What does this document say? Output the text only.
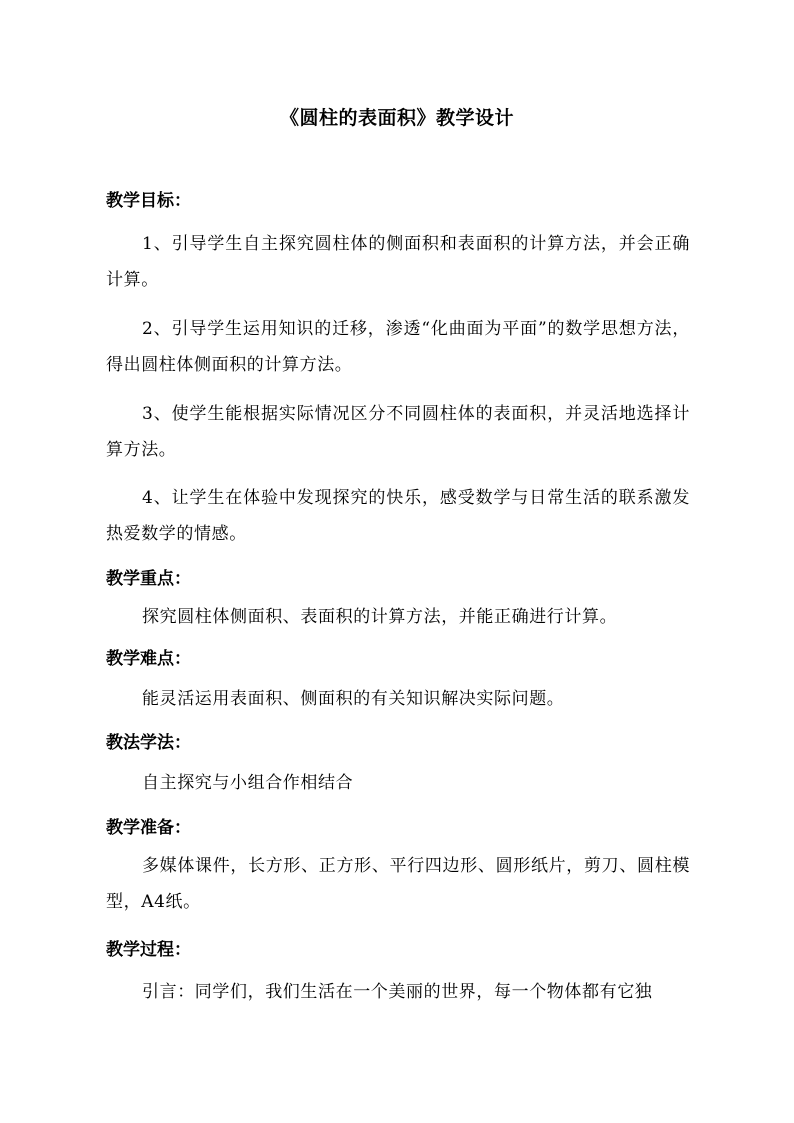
《圆柱的表面积》教学设计
教学目标：

1、引导学生自主探究圆柱体的侧面积和表面积的计算方法，并会正确计算。

2、引导学生运用知识的迁移，渗透“化曲面为平面”的数学思想方法，得出圆柱体侧面积的计算方法。

3、使学生能根据实际情况区分不同圆柱体的表面积，并灵活地选择计算方法。

4、让学生在体验中发现探究的快乐，感受数学与日常生活的联系激发热爱数学的情感。

教学重点：

探究圆柱体侧面积、表面积的计算方法，并能正确进行计算。

教学难点：

能灵活运用表面积、侧面积的有关知识解决实际问题。

教法学法：

自主探究与小组合作相结合

教学准备：

多媒体课件，长方形、正方形、平行四边形、圆形纸片，剪刀、圆柱模型，A4纸。

教学过程：

引言：同学们，我们生活在一个美丽的世界，每一个物体都有它独
